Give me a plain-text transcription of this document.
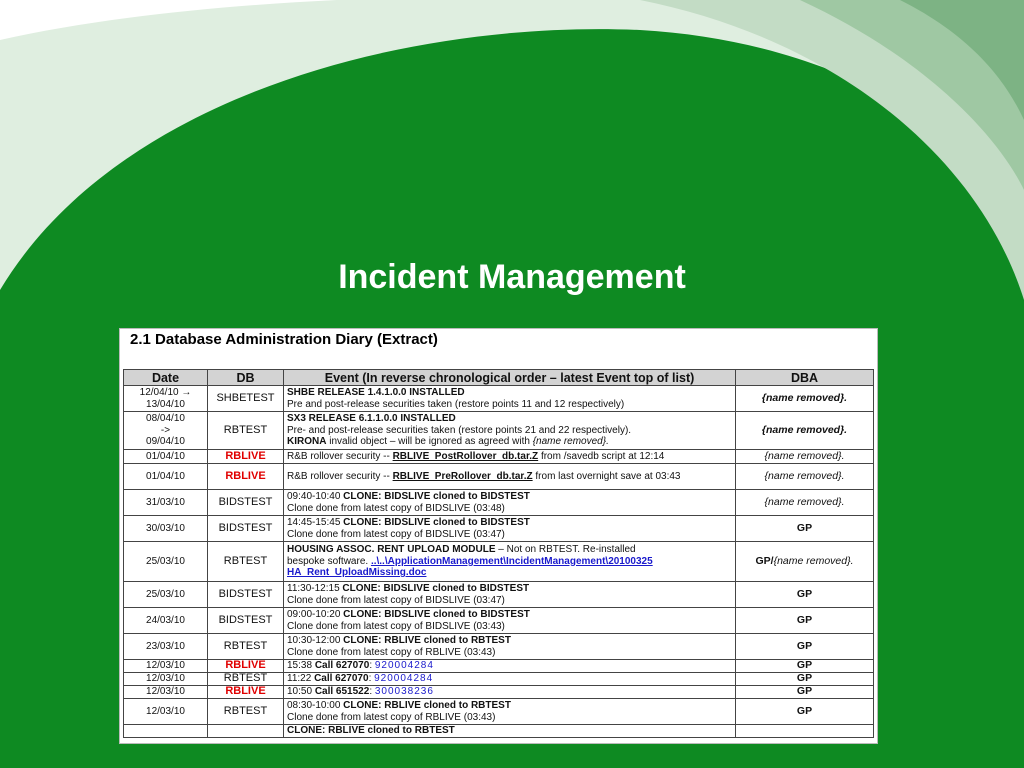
Incident Management
2.1 Database Administration Diary (Extract)
Date	DB	Event (In reverse chronological order – latest Event top of list)	DBA
12/04/10 →
13/04/10	SHBETEST	SHBE RELEASE 1.4.1.0.0 INSTALLED
Pre and post-release securities taken (restore points 11 and 12 respectively)	{name removed}.
08/04/10
->
09/04/10	RBTEST	SX3 RELEASE 6.1.1.0.0 INSTALLED
Pre- and post-release securities taken (restore points 21 and 22 respectively).
KIRONA invalid object – will be ignored as agreed with {name removed}.	{name removed}.
01/04/10	RBLIVE	R&B rollover security -- RBLIVE_PostRollover_db.tar.Z from /savedb script at 12:14	{name removed}.
01/04/10	RBLIVE	R&B rollover security -- RBLIVE_PreRollover_db.tar.Z from last overnight save at 03:43	{name removed}.
31/03/10	BIDSTEST	09:40-10:40 CLONE: BIDSLIVE cloned to BIDSTEST
Clone done from latest copy of BIDSLIVE (03:48)	{name removed}.
30/03/10	BIDSTEST	14:45-15:45 CLONE: BIDSLIVE cloned to BIDSTEST
Clone done from latest copy of BIDSLIVE (03:47)	GP
25/03/10	RBTEST	HOUSING ASSOC. RENT UPLOAD MODULE – Not on RBTEST. Re-installed
bespoke software. ..\..\ApplicationManagement\IncidentManagement\20100325 HA_Rent_UploadMissing.doc	GP/{name removed}.
25/03/10	BIDSTEST	11:30-12:15 CLONE: BIDSLIVE cloned to BIDSTEST
Clone done from latest copy of BIDSLIVE (03:47)	GP
24/03/10	BIDSTEST	09:00-10:20 CLONE: BIDSLIVE cloned to BIDSTEST
Clone done from latest copy of BIDSLIVE (03:43)	GP
23/03/10	RBTEST	10:30-12:00 CLONE: RBLIVE cloned to RBTEST
Clone done from latest copy of RBLIVE (03:43)	GP
12/03/10	RBLIVE	15:38 Call 627070: 920004284	GP
12/03/10	RBTEST	11:22 Call 627070: 920004284	GP
12/03/10	RBLIVE	10:50 Call 651522: 300038236	GP
12/03/10	RBTEST	08:30-10:00 CLONE: RBLIVE cloned to RBTEST
Clone done from latest copy of RBLIVE (03:43)	GP
		CLONE: RBLIVE cloned to RBTEST	
